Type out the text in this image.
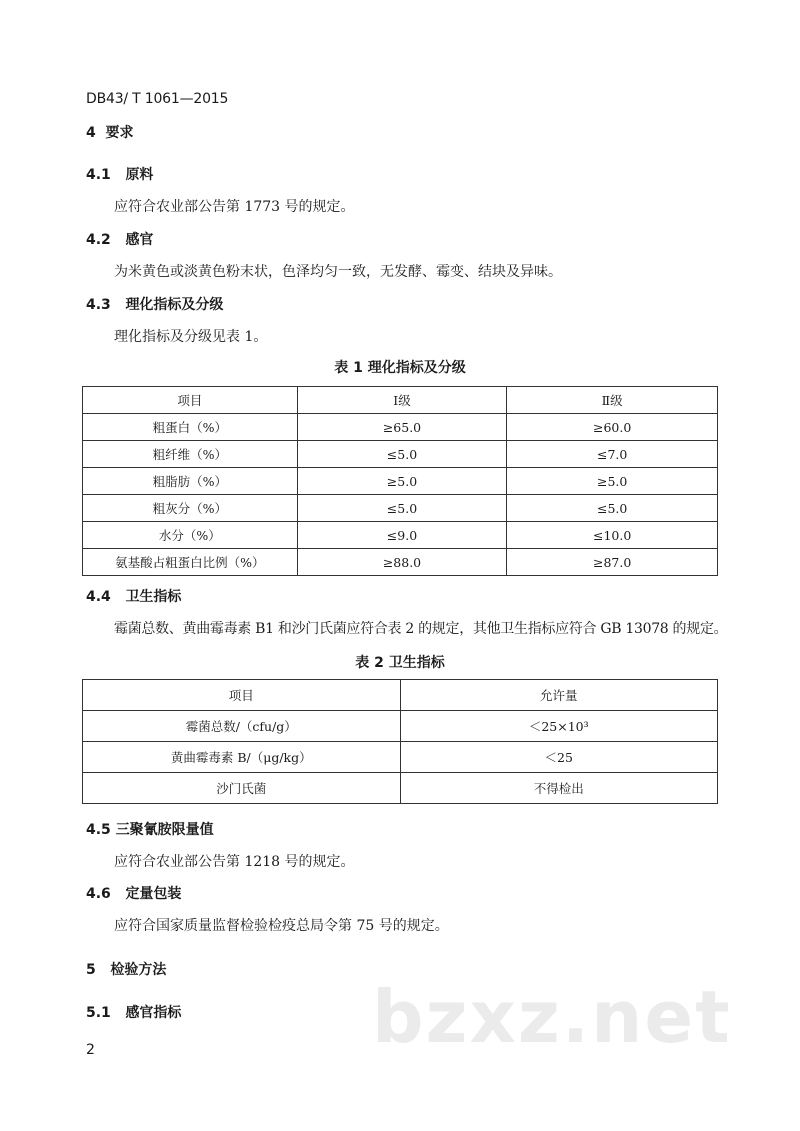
DB43/ T 1061—2015
4 要求
4.1 原料
应符合农业部公告第 1773 号的规定。
4.2 感官
为米黄色或淡黄色粉末状，色泽均匀一致，无发酵、霉变、结块及异味。
4.3 理化指标及分级
理化指标及分级见表 1。
表 1 理化指标及分级
项目	Ⅰ级	Ⅱ级
粗蛋白（%）	≥65.0	≥60.0
粗纤维（%）	≤5.0	≤7.0
粗脂肪（%）	≥5.0	≥5.0
粗灰分（%）	≤5.0	≤5.0
水分（%）	≤9.0	≤10.0
氨基酸占粗蛋白比例（%）	≥88.0	≥87.0
4.4 卫生指标
霉菌总数、黄曲霉毒素 B1 和沙门氏菌应符合表 2 的规定，其他卫生指标应符合 GB 13078 的规定。
表 2 卫生指标
项目	允许量
霉菌总数/（cfu/g）	＜25×10³
黄曲霉毒素 B/（μg/kg）	＜25
沙门氏菌	不得检出
4.5 三聚氰胺限量值
应符合农业部公告第 1218 号的规定。
4.6 定量包装
应符合国家质量监督检验检疫总局令第 75 号的规定。
5 检验方法
5.1 感官指标	bzxz.net
2
